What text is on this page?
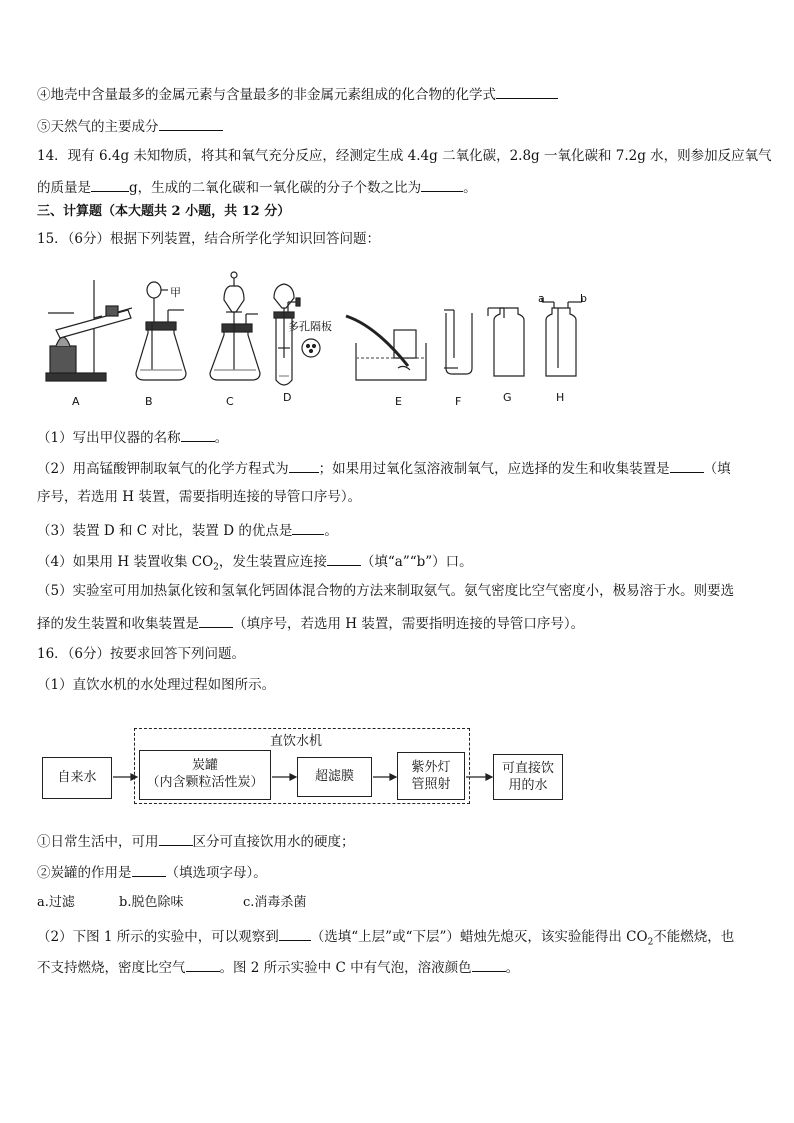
④地壳中含量最多的金属元素与含量最多的非金属元素组成的化合物的化学式
⑤天然气的主要成分
14．现有 6.4g 未知物质，将其和氧气充分反应，经测定生成 4.4g 二氧化碳，2.8g 一氧化碳和 7.2g 水，则参加反应氧气
的质量是	g，生成的二氧化碳和一氧化碳的分子个数之比为	。
三、计算题（本大题共 2 小题，共 12 分）
15．（6分）根据下列装置，结合所学化学知识回答问题：
甲
多孔隔板
a	b
A	B	C	D	E	F	G	H
（1）写出甲仪器的名称	。
（2）用高锰酸钾制取氧气的化学方程式为 ；如果用过氧化氢溶液制氧气，应选择的发生和收集装置是	（填
序号，若选用 H 装置，需要指明连接的导管口序号）。
（3）装置 D 和 C 对比，装置 D 的优点是 。
（4）如果用 H 装置收集 $CO_2$，发生装置应连接	（填“a”“b”）口。
（5）实验室可用加热氯化铵和氢氧化钙固体混合物的方法来制取氨气。氨气密度比空气密度小，极易溶于水。则要选
择的发生装置和收集装置是	（填序号，若选用 H 装置，需要指明连接的导管口序号）。
16．（6分）按要求回答下列问题。
（1）直饮水机的水处理过程如图所示。
直饮水机
自来水
炭罐
（内含颗粒活性炭）	超滤膜
紫外灯
管照射
可直接饮
用的水
①日常生活中，可用	区分可直接饮用水的硬度；
②炭罐的作用是	（填选项字母）。
a.过滤	b.脱色除味	c.消毒杀菌
（2）下图 1 所示的实验中，可以观察到 （选填“上层”或“下层”）蜡烛先熄灭，该实验能得出 $CO_2$不能燃烧，也
不支持燃烧，密度比空气	。图 2 所示实验中 C 中有气泡，溶液颜色	。
